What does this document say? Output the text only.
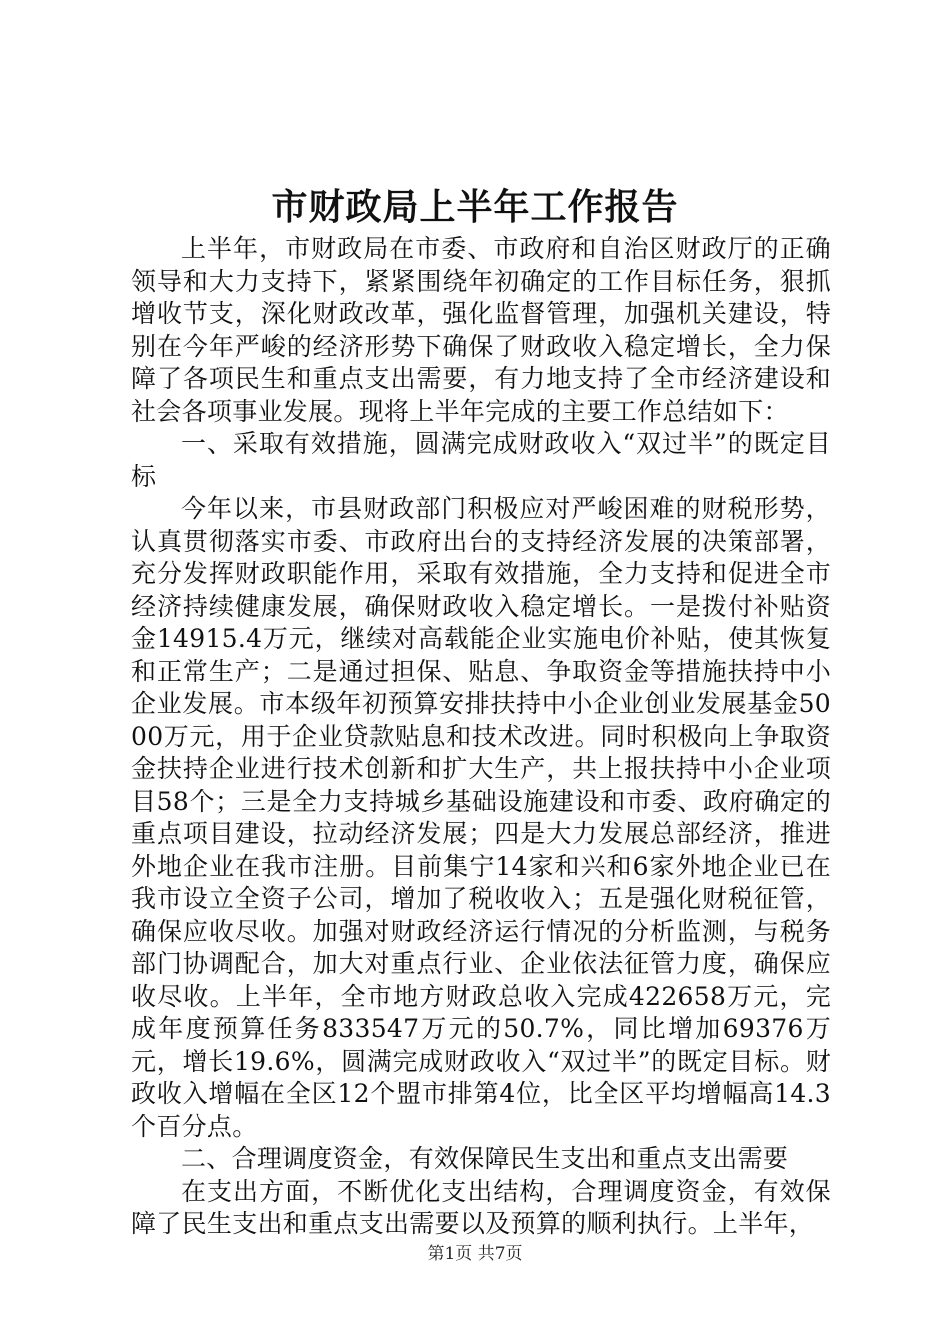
市财政局上半年工作报告

上半年，市财政局在市委、市政府和自治区财政厅的正确领导和大力支持下，紧紧围绕年初确定的工作目标任务，狠抓增收节支，深化财政改革，强化监督管理，加强机关建设，特别在今年严峻的经济形势下确保了财政收入稳定增长，全力保障了各项民生和重点支出需要，有力地支持了全市经济建设和社会各项事业发展。现将上半年完成的主要工作总结如下：

一、采取有效措施，圆满完成财政收入“双过半”的既定目标

今年以来，市县财政部门积极应对严峻困难的财税形势，认真贯彻落实市委、市政府出台的支持经济发展的决策部署，充分发挥财政职能作用，采取有效措施，全力支持和促进全市经济持续健康发展，确保财政收入稳定增长。一是拨付补贴资金14915.4万元，继续对高载能企业实施电价补贴，使其恢复和正常生产；二是通过担保、贴息、争取资金等措施扶持中小企业发展。市本级年初预算安排扶持中小企业创业发展基金5000万元，用于企业贷款贴息和技术改进。同时积极向上争取资金扶持企业进行技术创新和扩大生产，共上报扶持中小企业项目58个；三是全力支持城乡基础设施建设和市委、政府确定的重点项目建设，拉动经济发展；四是大力发展总部经济，推进外地企业在我市注册。目前集宁14家和兴和6家外地企业已在我市设立全资子公司，增加了税收收入；五是强化财税征管，确保应收尽收。加强对财政经济运行情况的分析监测，与税务部门协调配合，加大对重点行业、企业依法征管力度，确保应收尽收。上半年，全市地方财政总收入完成422658万元，完成年度预算任务833547万元的50.7%，同比增加69376万元，增长19.6%，圆满完成财政收入“双过半”的既定目标。财政收入增幅在全区12个盟市排第4位，比全区平均增幅高14.3个百分点。

二、合理调度资金，有效保障民生支出和重点支出需要

在支出方面，不断优化支出结构，合理调度资金，有效保障了民生支出和重点支出需要以及预算的顺利执行。上半年，

第1页 共7页
